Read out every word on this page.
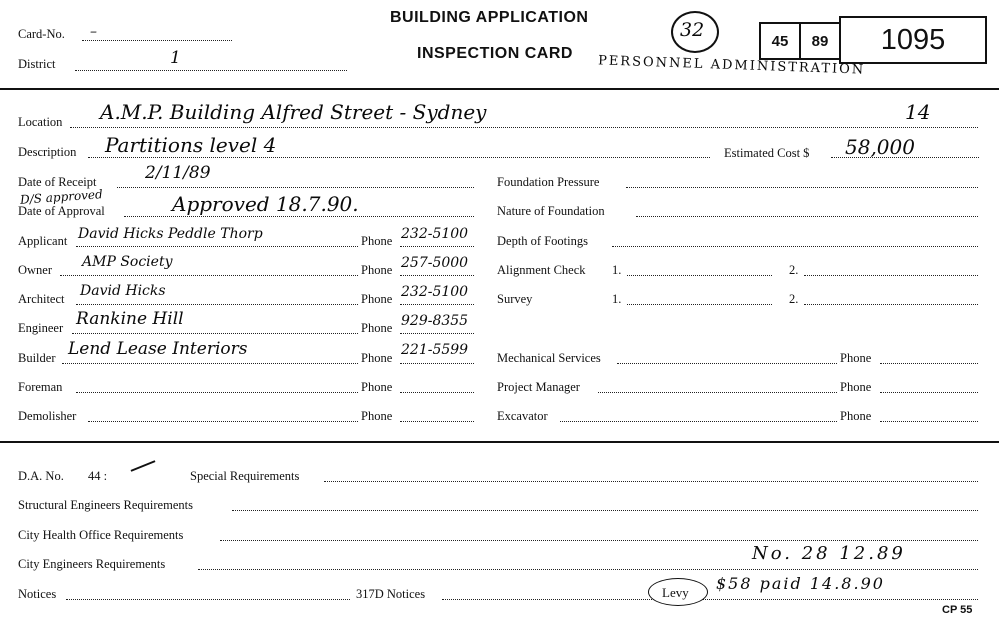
Card-No. –
District	1
BUILDING APPLICATION
INSPECTION CARD
32	45	89	1095
PERSONNEL ADMINISTRATION
Location A.M.P. Building Alfred Street - Sydney	14
Description Partitions level 4	Estimated Cost $ 58,000
Date of Receipt	2/11/89
D/S approved
Date of Approval	Approved 18.7.90.
Applicant David Hicks Peddle Thorp	Phone 232-5100
Owner AMP Society	Phone 257-5000
Architect David Hicks	Phone 232-5100
Engineer Rankine Hill	Phone 929-8355
Builder Lend Lease Interiors	Phone 221-5599
Foreman	Phone
Demolisher	Phone
Foundation Pressure
Nature of Foundation
Depth of Footings
Alignment Check 1.	2.
Survey	1.	2.
Mechanical Services	Phone
Project Manager	Phone
Excavator	Phone
D.A. No. 44 :	Special Requirements
Structural Engineers Requirements
City Health Office Requirements
City Engineers Requirements	No. 28 12.89
Notices	317D Notices	Levy $58 paid 14.8.90
CP 55
